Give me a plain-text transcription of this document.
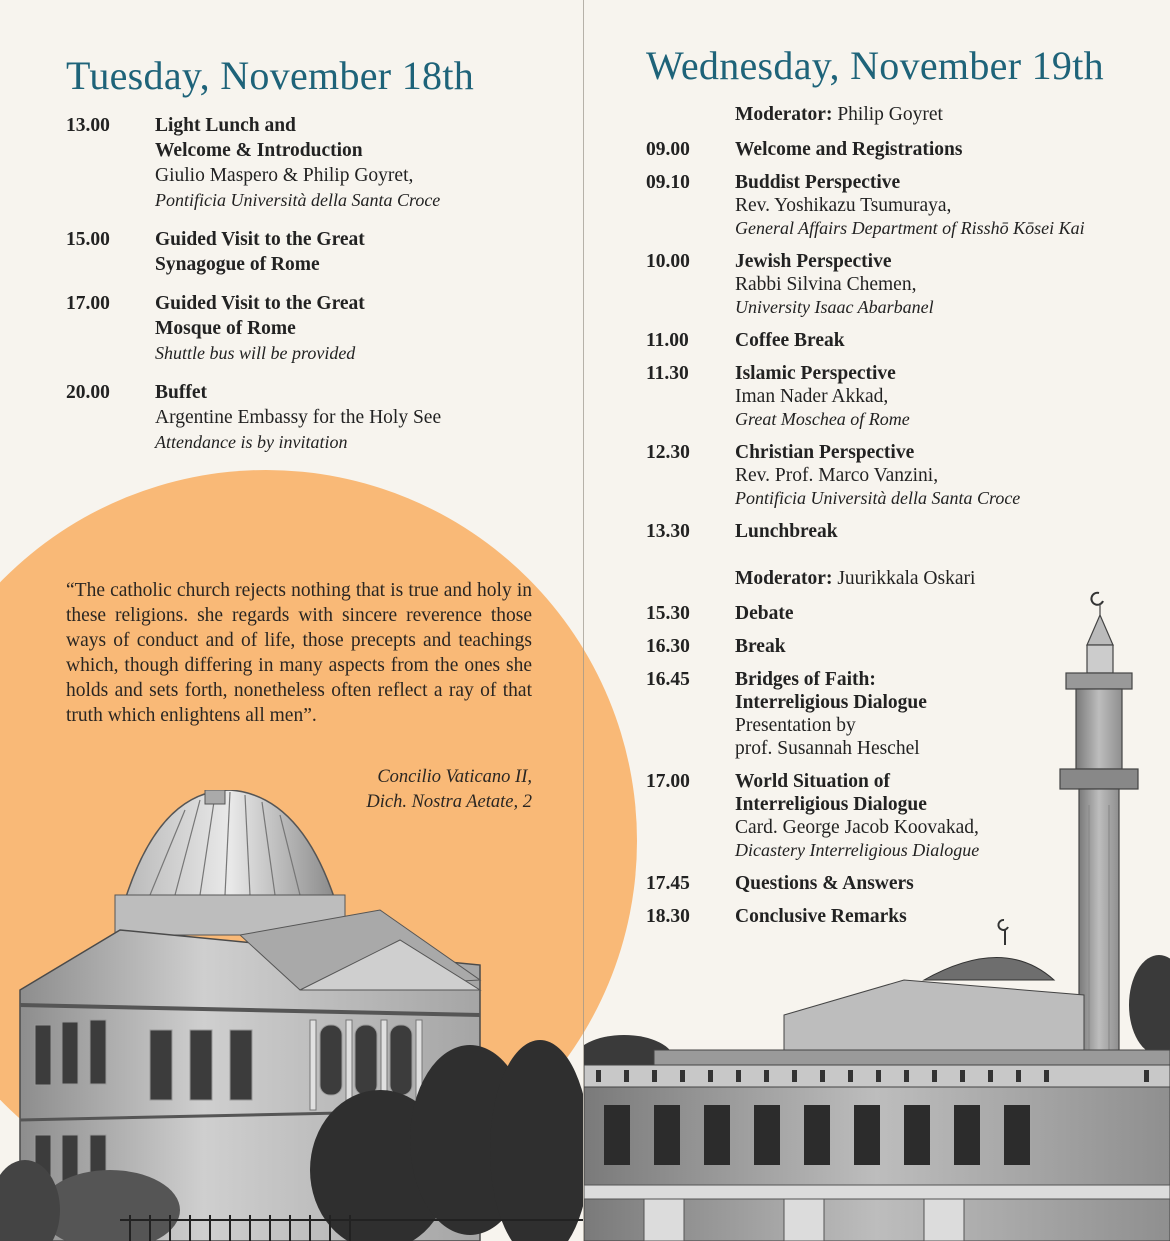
Tuesday, November 18th
13.00	Light Lunch and
Welcome & Introduction
Giulio Maspero & Philip Goyret,
Pontificia Università della Santa Croce
15.00	Guided Visit to the Great
Synagogue of Rome
17.00	Guided Visit to the Great
Mosque of Rome
Shuttle bus will be provided
20.00	Buffet
Argentine Embassy for the Holy See
Attendance is by invitation
“The catholic church rejects nothing that is true and holy in these religions. she regards with sincere reverence those ways of conduct and of life, those precepts and teachings which, though differing in many aspects from the ones she holds and sets forth, nonetheless often reflect a ray of that truth which enlightens all men”.
Concilio Vaticano II,
Dich. Nostra Aetate, 2
Wednesday, November 19th
Moderator:
Philip Goyret
09.00	Welcome and Registrations
09.10	Buddist Perspective
Rev. Yoshikazu Tsumuraya,
General Affairs Department of Risshō Kōsei Kai
10.00	Jewish Perspective
Rabbi Silvina Chemen,
University Isaac Abarbanel
11.00	Coffee Break
11.30	Islamic Perspective
Iman Nader Akkad,
Great Moschea of Rome
12.30	Christian Perspective
Rev. Prof. Marco Vanzini,
Pontificia Università della Santa Croce
13.30	Lunchbreak
Moderator:
Juurikkala Oskari
15.30	Debate
16.30	Break
16.45	Bridges of Faith:
Interreligious Dialogue
Presentation by
prof. Susannah Heschel
17.00	World Situation of
Interreligious Dialogue
Card. George Jacob Koovakad,
Dicastery Interreligious Dialogue
17.45	Questions & Answers
18.30	Conclusive Remarks
